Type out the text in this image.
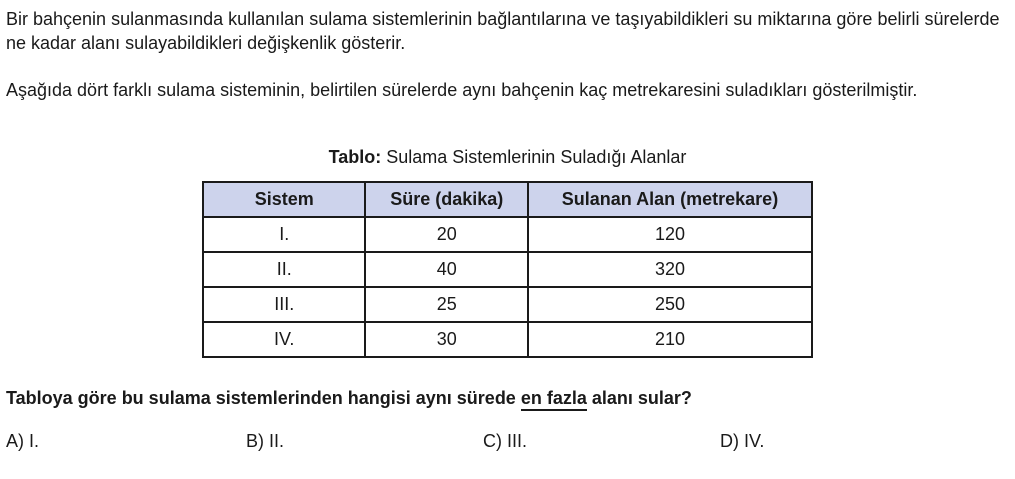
Bir bahçenin sulanmasında kullanılan sulama sistemlerinin bağlantılarına ve taşıyabildikleri su miktarına göre belirli sürelerde ne kadar alanı sulayabildikleri değişkenlik gösterir.

Aşağıda dört farklı sulama sisteminin, belirtilen sürelerde aynı bahçenin kaç metrekaresini suladıkları gösterilmiştir.

Tablo: Sulama Sistemlerinin Suladığı Alanlar
Sistem	Süre (dakika)	Sulanan Alan (metrekare)
I.	20	120
II.	40	320
III.	25	250
IV.	30	210

Tabloya göre bu sulama sistemlerinden hangisi aynı sürede en fazla alanı sular?

A) I.	B) II.	C) III.	D) IV.
